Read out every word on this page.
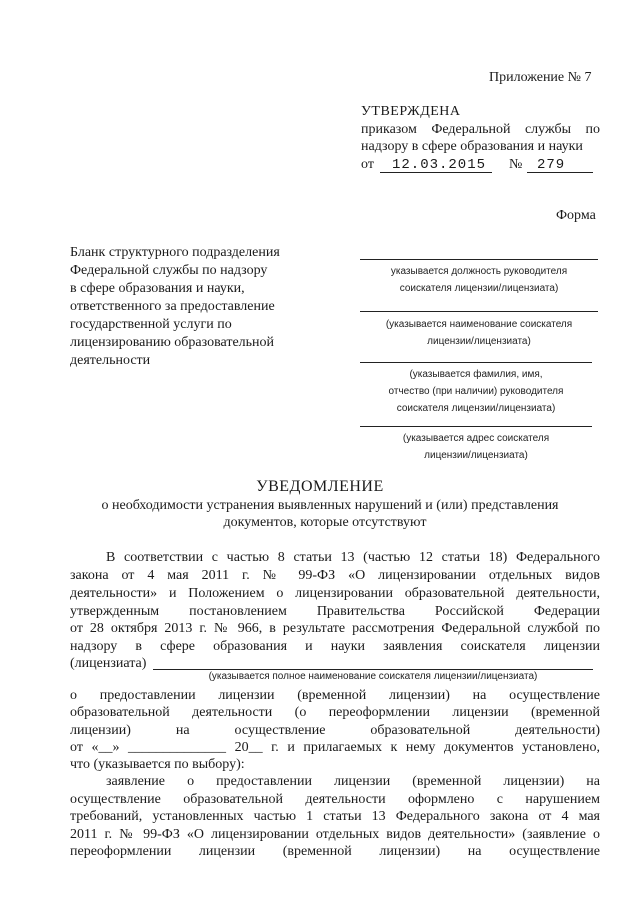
Приложение № 7
УТВЕРЖДЕНА
приказом Федеральной службы по
надзору в сфере образования и науки
от 12.03.2015 № 279
Форма
Бланк структурного подразделения
Федеральной службы по надзору
в сфере образования и науки,
ответственного за предоставление
государственной услуги по
лицензированию образовательной
деятельности
указывается должность руководителя
соискателя лицензии/лицензиата)
(указывается наименование соискателя
лицензии/лицензиата)
(указывается фамилия, имя,
отчество (при наличии) руководителя
соискателя лицензии/лицензиата)
(указывается адрес соискателя
лицензии/лицензиата)
УВЕДОМЛЕНИЕ
о необходимости устранения выявленных нарушений и (или) представления
документов, которые отсутствуют
В соответствии с частью 8 статьи 13 (частью 12 статьи 18) Федерального
закона от 4 мая 2011 г. № 99-ФЗ «О лицензировании отдельных видов
деятельности» и Положением о лицензировании образовательной деятельности,
утвержденным постановлением Правительства Российской Федерации
от 28 октября 2013 г. № 966, в результате рассмотрения Федеральной службой по
надзору в сфере образования и науки заявления соискателя лицензии
(лицензиата)
(указывается полное наименование соискателя лицензии/лицензиата)
о предоставлении лицензии (временной лицензии) на осуществление
образовательной деятельности (о переоформлении лицензии (временной
лицензии) на осуществление образовательной деятельности)
от «__» ______________ 20__ г. и прилагаемых к нему документов установлено,
что (указывается по выбору):
заявление о предоставлении лицензии (временной лицензии) на
осуществление образовательной деятельности оформлено с нарушением
требований, установленных частью 1 статьи 13 Федерального закона от 4 мая
2011 г. № 99-ФЗ «О лицензировании отдельных видов деятельности» (заявление о
переоформлении лицензии (временной лицензии) на осуществление
